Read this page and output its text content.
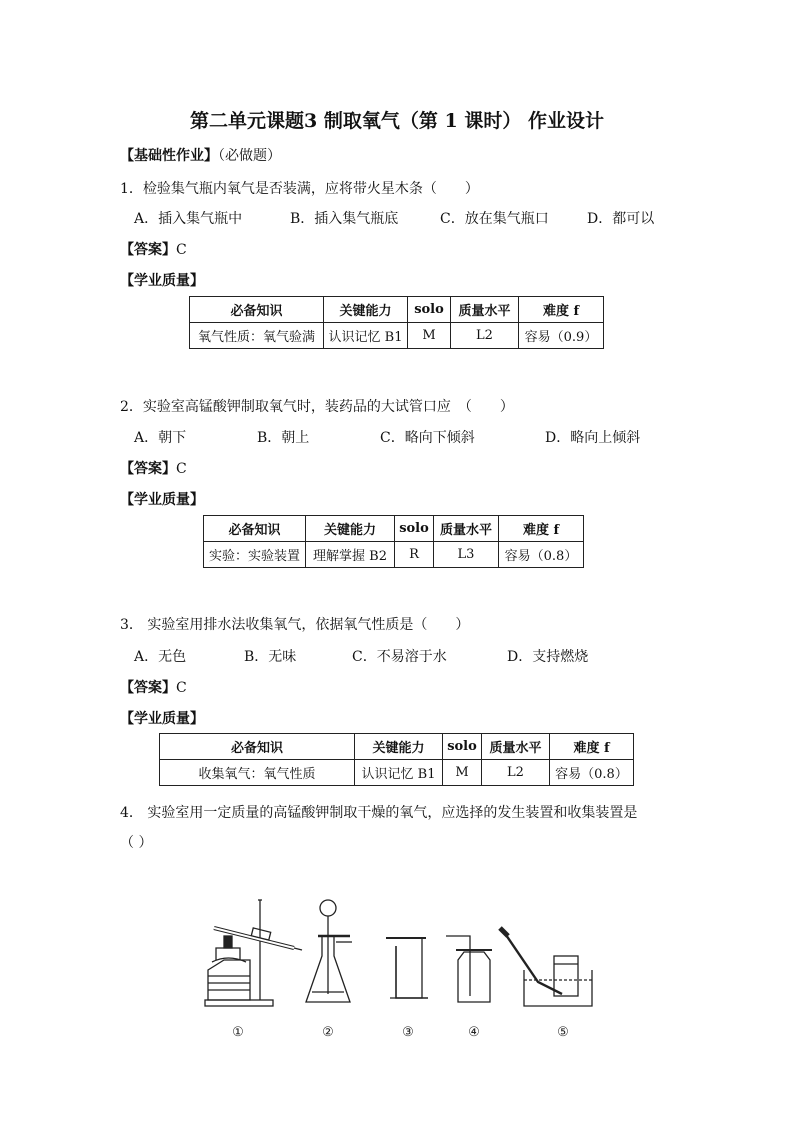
第二单元课题3 制取氧气（第 1 课时） 作业设计
【基础性作业】（必做题）
1．检验集气瓶内氧气是否装满，应将带火星木条（　　）
A．插入集气瓶中	B．插入集气瓶底	C．放在集气瓶口	D．都可以
【答案】C
【学业质量】
必备知识	关键能力	solo	质量水平	难度 f
氧气性质：氧气验满	认识记忆 B1	M	L2	容易（0.9）
2．实验室高锰酸钾制取氧气时，装药品的大试管口应　（　　）
A．朝下	B．朝上	C．略向下倾斜	D．略向上倾斜
【答案】C
【学业质量】
必备知识	关键能力	solo	质量水平	难度 f
实验：实验装置	理解掌握 B2	R	L3	容易（0.8）
3． 实验室用排水法收集氧气，依据氧气性质是（　　）
A．无色	B．无味	C．不易溶于水	D．支持燃烧
【答案】C
【学业质量】
必备知识	关键能力	solo	质量水平	难度 f
收集氧气：氧气性质	认识记忆 B1	M	L2	容易（0.8）
4． 实验室用一定质量的高锰酸钾制取干燥的氧气，应选择的发生装置和收集装置是
（ ）
①	②	③	④	⑤
